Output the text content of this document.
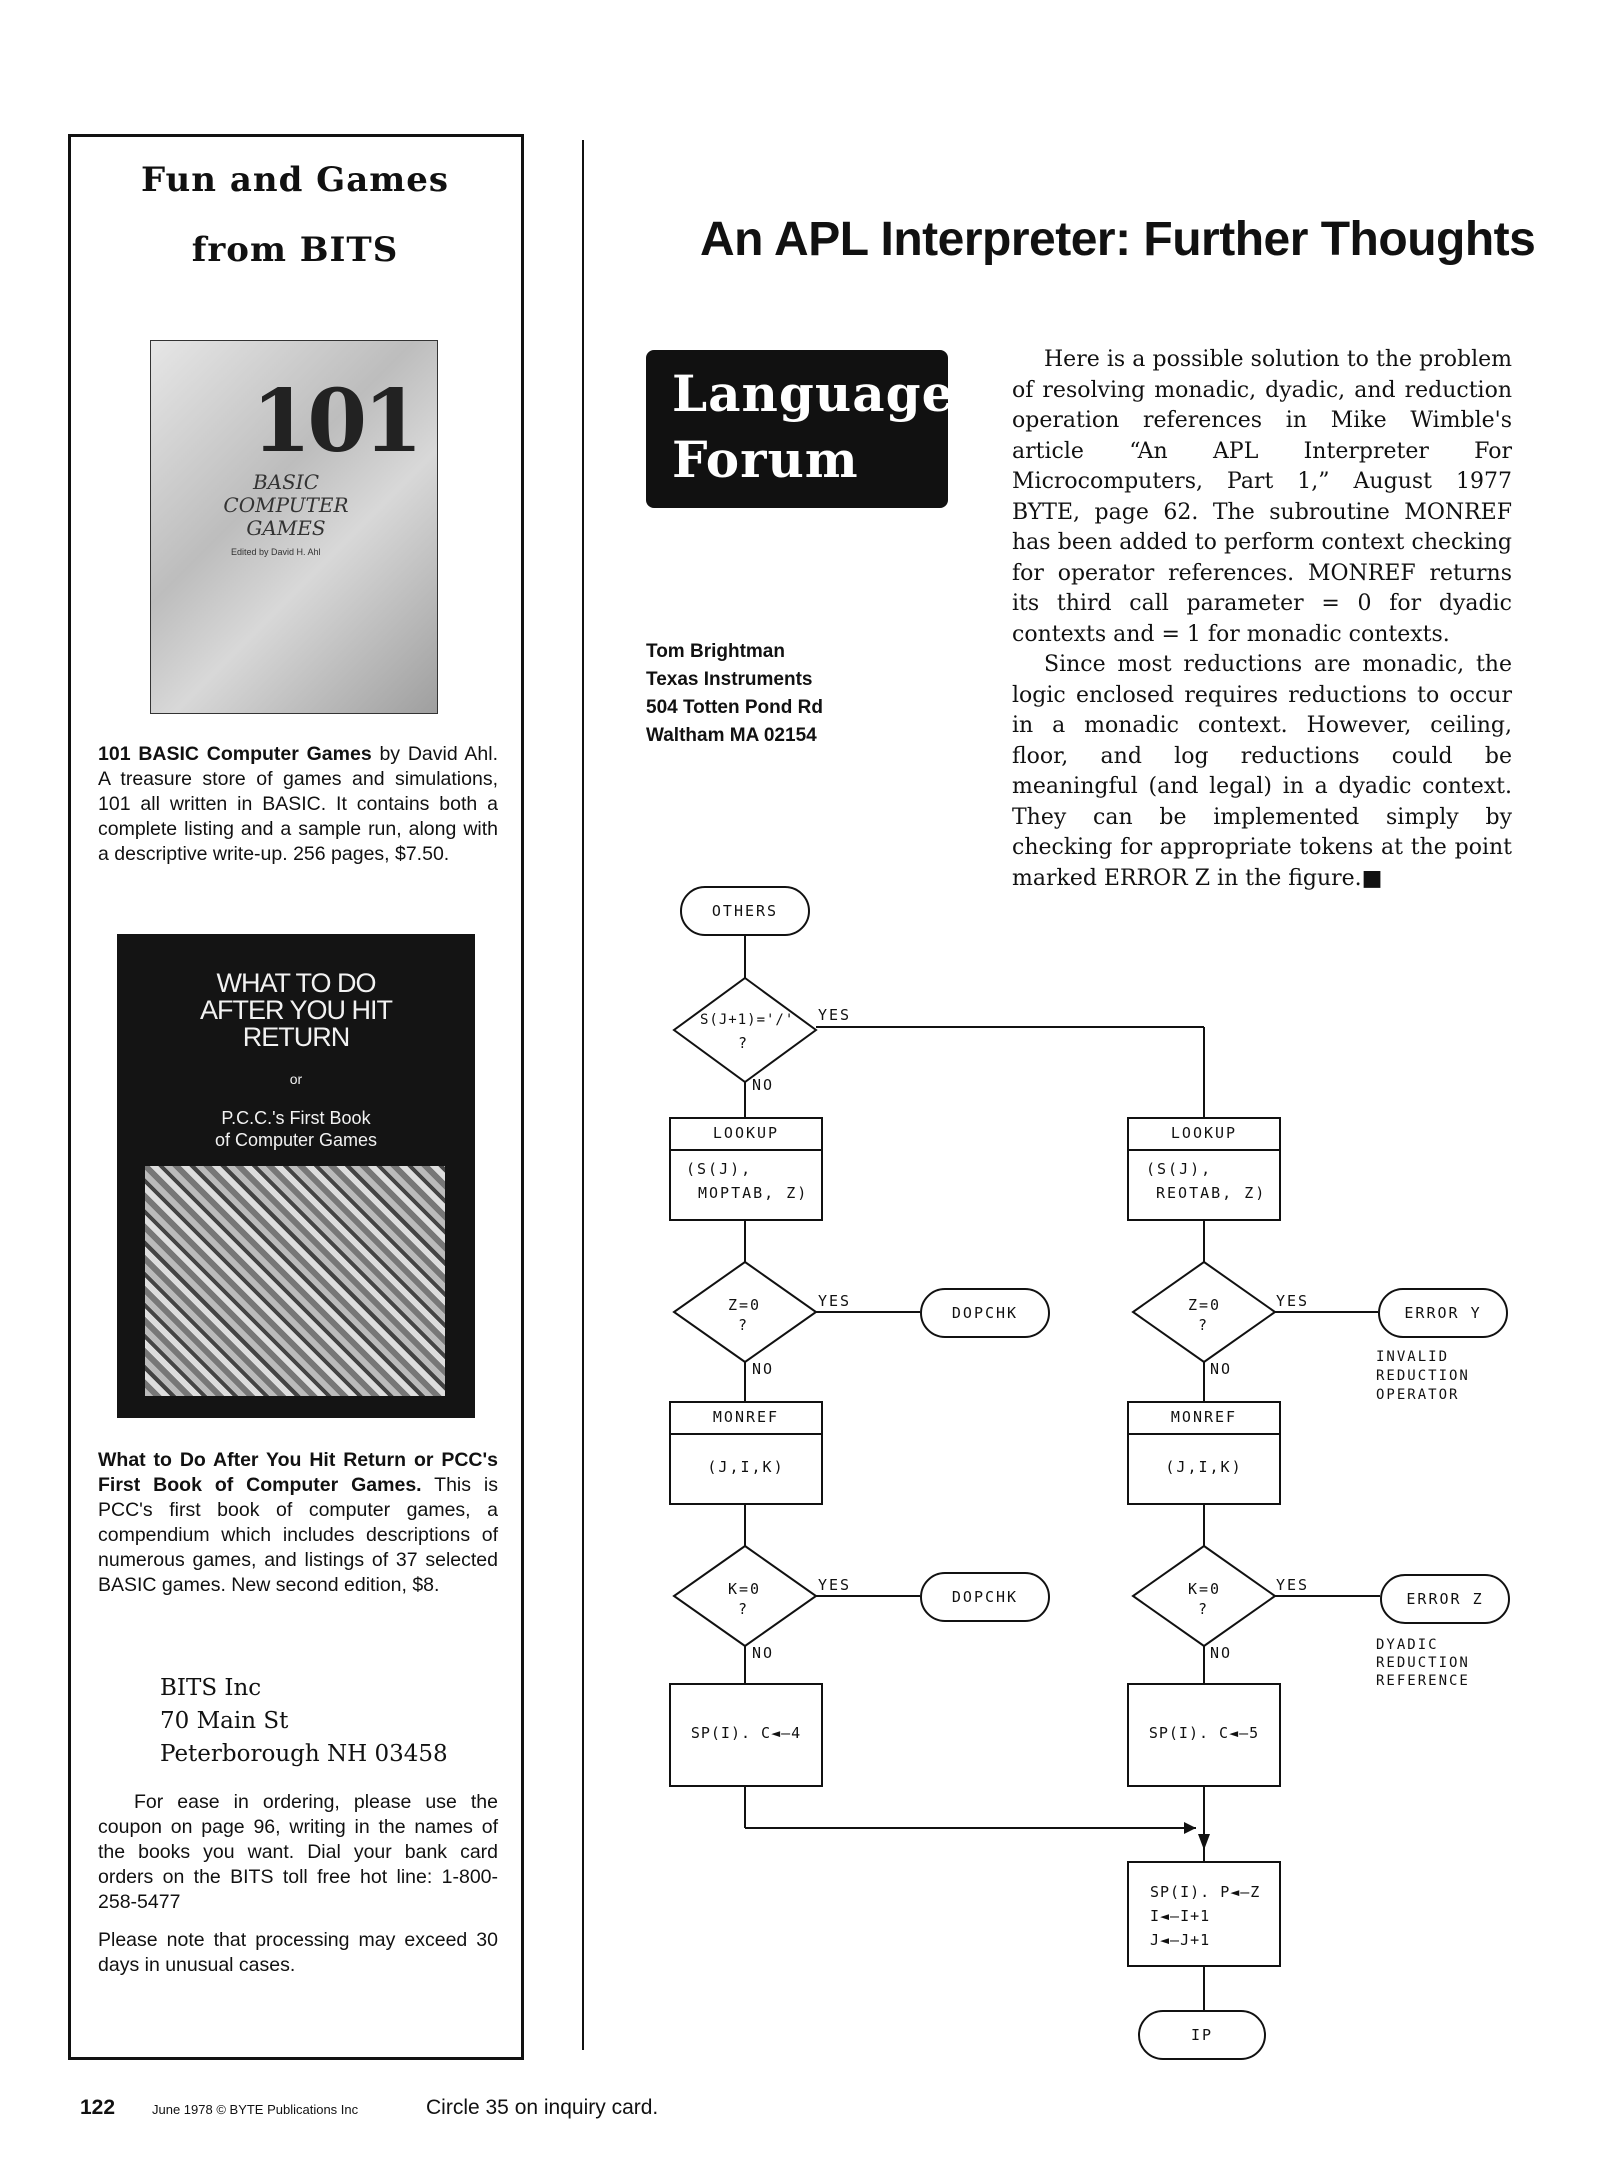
Fun and Games
from BITS
101
BASIC COMPUTER GAMES
Edited by David H. Ahl
101 BASIC Computer Games by David Ahl. A treasure store of games and simulations, 101 all written in BASIC. It contains both a complete listing and a sample run, along with a descriptive write-up. 256 pages, $7.50.
WHAT TO DO AFTER YOU HIT RETURN
or
P.C.C.'s First Book of Computer Games
What to Do After You Hit Return or PCC's First Book of Computer Games. This is PCC's first book of computer games, a compendium which includes descriptions of numerous games, and listings of 37 selected BASIC games. New second edition, $8.
BITS Inc
70 Main St
Peterborough NH 03458
For ease in ordering, please use the coupon on page 96, writing in the names of the books you want. Dial your bank card orders on the BITS toll free hot line: 1-800-258-5477
Please note that processing may exceed 30 days in unusual cases.
An APL Interpreter: Further Thoughts
Languages
Forum
Tom Brightman
Texas Instruments
504 Totten Pond Rd
Waltham MA 02154

Here is a possible solution to the problem of resolving monadic, dyadic, and reduction operation references in Mike Wimble's article “An APL Interpreter For Microcomputers, Part 1,” August 1977 BYTE, page 62. The subroutine MONREF has been added to perform context checking for operator references. MONREF returns its third call parameter = 0 for dyadic contexts and = 1 for monadic contexts.

Since most reductions are monadic, the logic enclosed requires reductions to occur in a monadic context. However, ceiling, floor, and log reductions could be meaningful (and legal) in a dyadic context. They can be implemented simply by checking for appropriate tokens at the point marked ERROR Z in the figure.■

OTHERS
DOPCHK	ERROR Y
DOPCHK	ERROR Z
IP
S(J+1)='/'
?
YES
NO
LOOKUP
(S(J),
MOPTAB, Z)
LOOKUP
(S(J),
REOTAB, Z)
Z=0
?
YES
NO
Z=0
?
YES
NO
INVALID
REDUCTION
OPERATOR
MONREF
(J,I,K)
MONREF
(J,I,K)
K=0
?
YES
NO
K=0
?
YES
NO	DYADIC
REDUCTION
REFERENCE
SP(I). C◄—4	SP(I). C◄—5
SP(I). P◄—Z
I◄—I+1
J◄—J+1
122	June 1978 © BYTE Publications Inc	Circle 35 on inquiry card.
